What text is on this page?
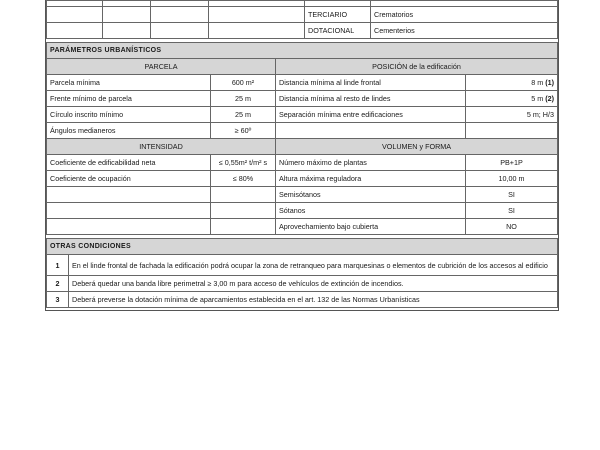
				TERCIARIO	Crematorios
				DOTACIONAL	Cementerios
PARÁMETROS URBANÍSTICOS			
PARCELA		POSICIÓN de la edificación	
Parcela mínima	600 m²	Distancia mínima al linde frontal	8 m (1)
Frente mínimo de parcela	25 m	Distancia mínima al resto de lindes	5 m (2)
Círculo inscrito mínimo	25 m	Separación mínima entre edificaciones	5 m; H/3
Ángulos medianeros	≥ 60º		
INTENSIDAD		VOLUMEN y FORMA	
Coeficiente de edificabilidad neta	≤ 0,55m² t/m² s	Número máximo de plantas	PB+1P
Coeficiente de ocupación	≤ 80%	Altura máxima reguladora	10,00 m
		Semisótanos	SI
		Sótanos	SI
		Aprovechamiento bajo cubierta	NO
OTRAS CONDICIONES	
1	En el linde frontal de fachada la edificación podrá ocupar la zona de retranqueo para marquesinas o elementos de cubrición de los accesos al edificio
2	Deberá quedar una banda libre perimetral ≥ 3,00 m para acceso de vehículos de extinción de incendios.
3	Deberá preverse la dotación mínima de aparcamientos establecida en el art. 132 de las Normas Urbanísticas
